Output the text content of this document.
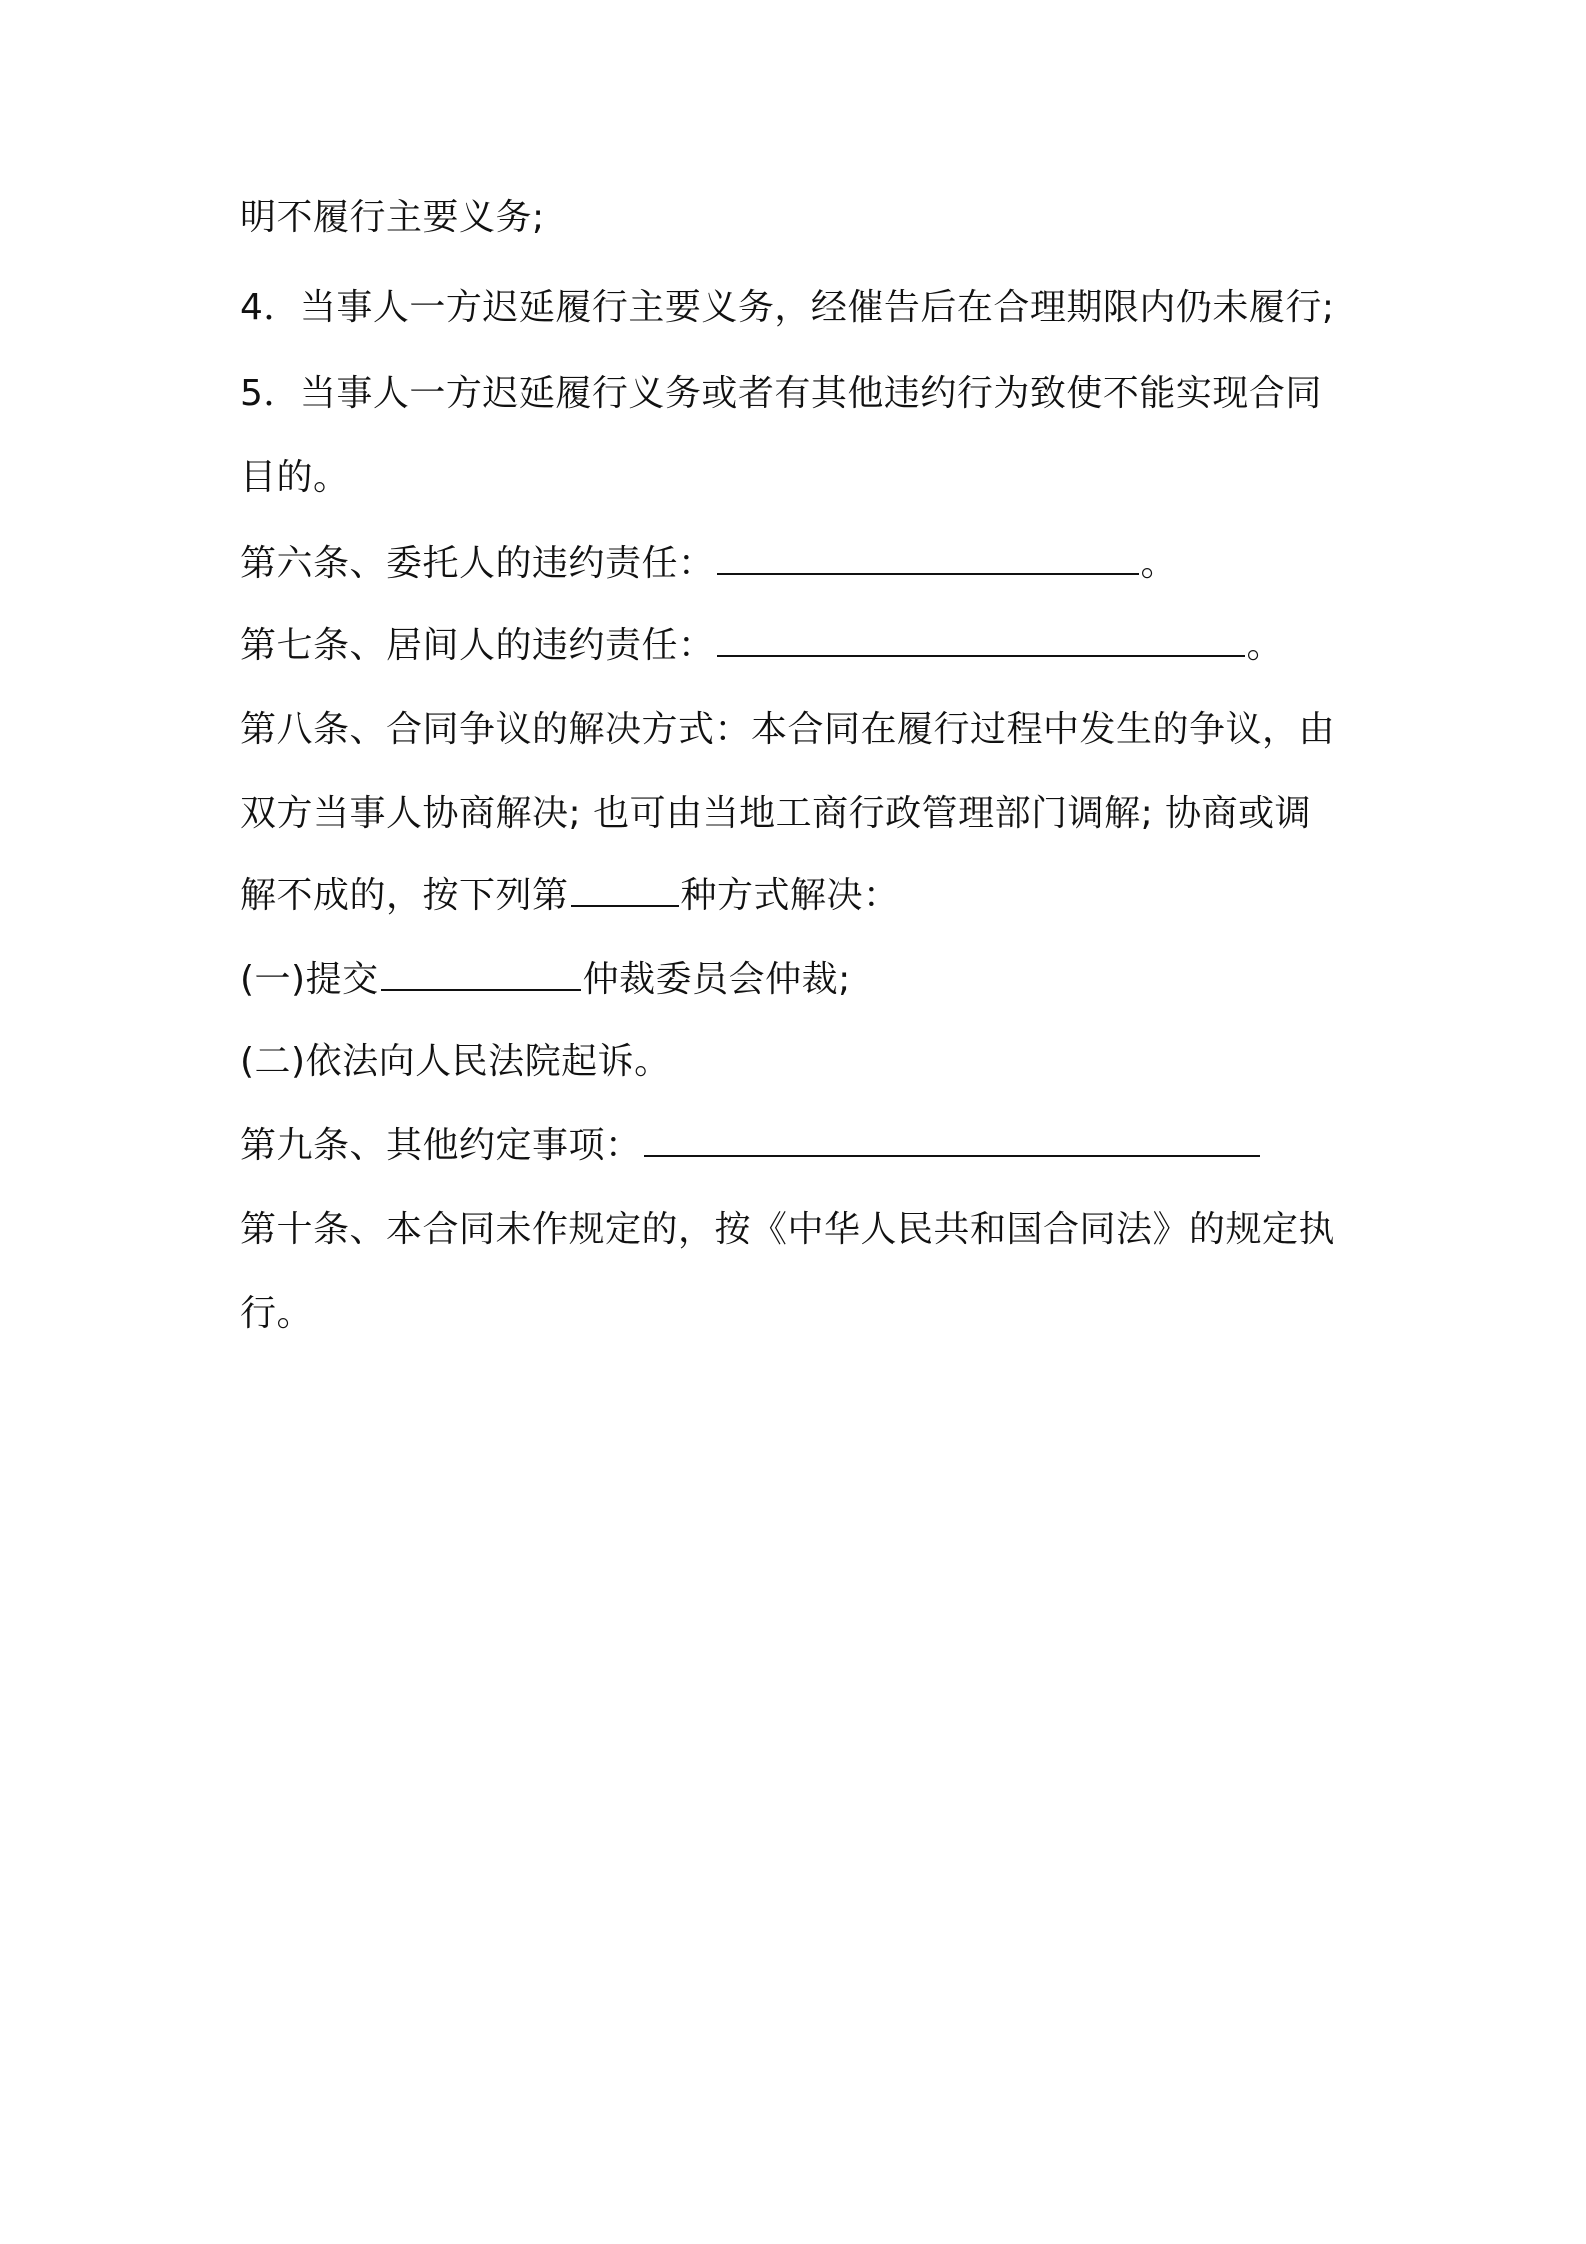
明不履行主要义务;

4．当事人一方迟延履行主要义务，经催告后在合理期限内仍未履行;

5．当事人一方迟延履行义务或者有其他违约行为致使不能实现合同

目的。

第六条、委托人的违约责任：	。

第七条、居间人的违约责任：	。

第八条、合同争议的解决方式：本合同在履行过程中发生的争议，由

双方当事人协商解决; 也可由当地工商行政管理部门调解; 协商或调

解不成的，按下列第	种方式解决：

(一)提交	仲裁委员会仲裁;

(二)依法向人民法院起诉。

第九条、其他约定事项：

第十条、本合同未作规定的，按《中华人民共和国合同法》的规定执

行。
